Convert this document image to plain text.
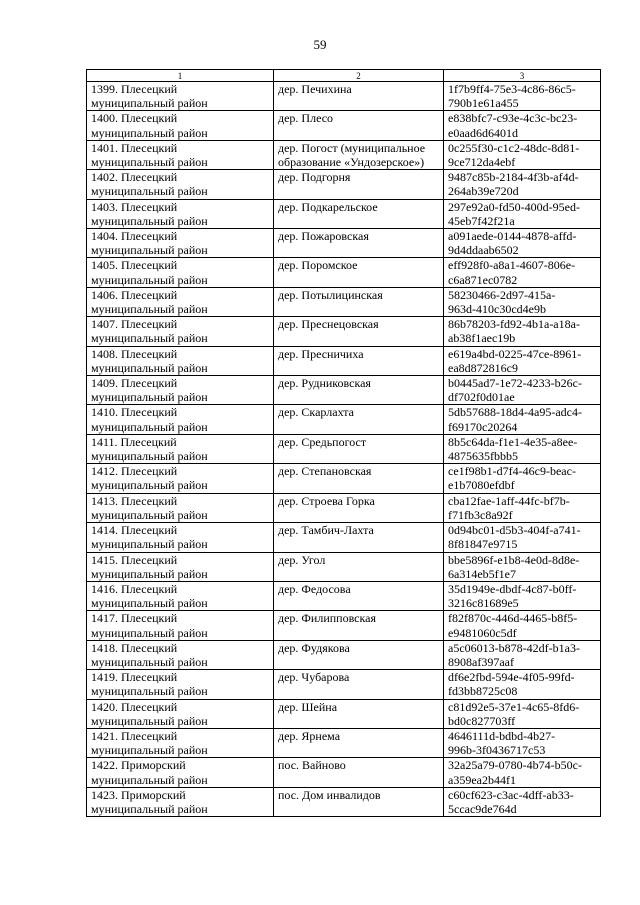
59
1	2	3

1399. Плесецкий
муниципальный район	дер. Печихина	1f7b9ff4-75e3-4c86-86c5-
790b1e61a455

1400. Плесецкий
муниципальный район	дер. Плесо	e838bfc7-c93e-4c3c-bc23-
e0aad6d6401d

1401. Плесецкий
муниципальный район	дер. Погост (муниципальное
образование «Ундозерское»)	0c255f30-c1c2-48dc-8d81-
9ce712da4ebf

1402. Плесецкий
муниципальный район	дер. Подгорня	9487c85b-2184-4f3b-af4d-
264ab39e720d

1403. Плесецкий
муниципальный район	дер. Подкарельское	297e92a0-fd50-400d-95ed-
45eb7f42f21a

1404. Плесецкий
муниципальный район	дер. Пожаровская	a091aede-0144-4878-affd-
9d4ddaab6502

1405. Плесецкий
муниципальный район	дер. Поромское	eff928f0-a8a1-4607-806e-
c6a871ec0782

1406. Плесецкий
муниципальный район	дер. Потылицинская	58230466-2d97-415a-
963d-410c30cd4e9b

1407. Плесецкий
муниципальный район	дер. Преснецовская	86b78203-fd92-4b1a-a18a-
ab38f1aec19b

1408. Плесецкий
муниципальный район	дер. Пресничиха	e619a4bd-0225-47ce-8961-
ea8d872816c9

1409. Плесецкий
муниципальный район	дер. Рудниковская	b0445ad7-1e72-4233-b26c-
df702f0d01ae

1410. Плесецкий
муниципальный район	дер. Скарлахта	5db57688-18d4-4a95-adc4-
f69170c20264

1411. Плесецкий
муниципальный район	дер. Средьпогост	8b5c64da-f1e1-4e35-a8ee-
4875635fbbb5

1412. Плесецкий
муниципальный район	дер. Степановская	ce1f98b1-d7f4-46c9-beac-
e1b7080efdbf

1413. Плесецкий
муниципальный район	дер. Строева Горка	cba12fae-1aff-44fc-bf7b-
f71fb3c8a92f

1414. Плесецкий
муниципальный район	дер. Тамбич-Лахта	0d94bc01-d5b3-404f-a741-
8f81847e9715

1415. Плесецкий
муниципальный район	дер. Угол	bbe5896f-e1b8-4e0d-8d8e-
6a314eb5f1e7

1416. Плесецкий
муниципальный район	дер. Федосова	35d1949e-dbdf-4c87-b0ff-
3216c81689e5

1417. Плесецкий
муниципальный район	дер. Филипповская	f82f870c-446d-4465-b8f5-
e9481060c5df

1418. Плесецкий
муниципальный район	дер. Фудякова	a5c06013-b878-42df-b1a3-
8908af397aaf

1419. Плесецкий
муниципальный район	дер. Чубарова	df6e2fbd-594e-4f05-99fd-
fd3bb8725c08

1420. Плесецкий
муниципальный район	дер. Шейна	c81d92e5-37e1-4c65-8fd6-
bd0c827703ff

1421. Плесецкий
муниципальный район	дер. Ярнема	4646111d-bdbd-4b27-
996b-3f0436717c53

1422. Приморский
муниципальный район	пос. Вайново	32a25a79-0780-4b74-b50c-
a359ea2b44f1

1423. Приморский
муниципальный район	пос. Дом инвалидов	c60cf623-c3ac-4dff-ab33-
5ccac9de764d
